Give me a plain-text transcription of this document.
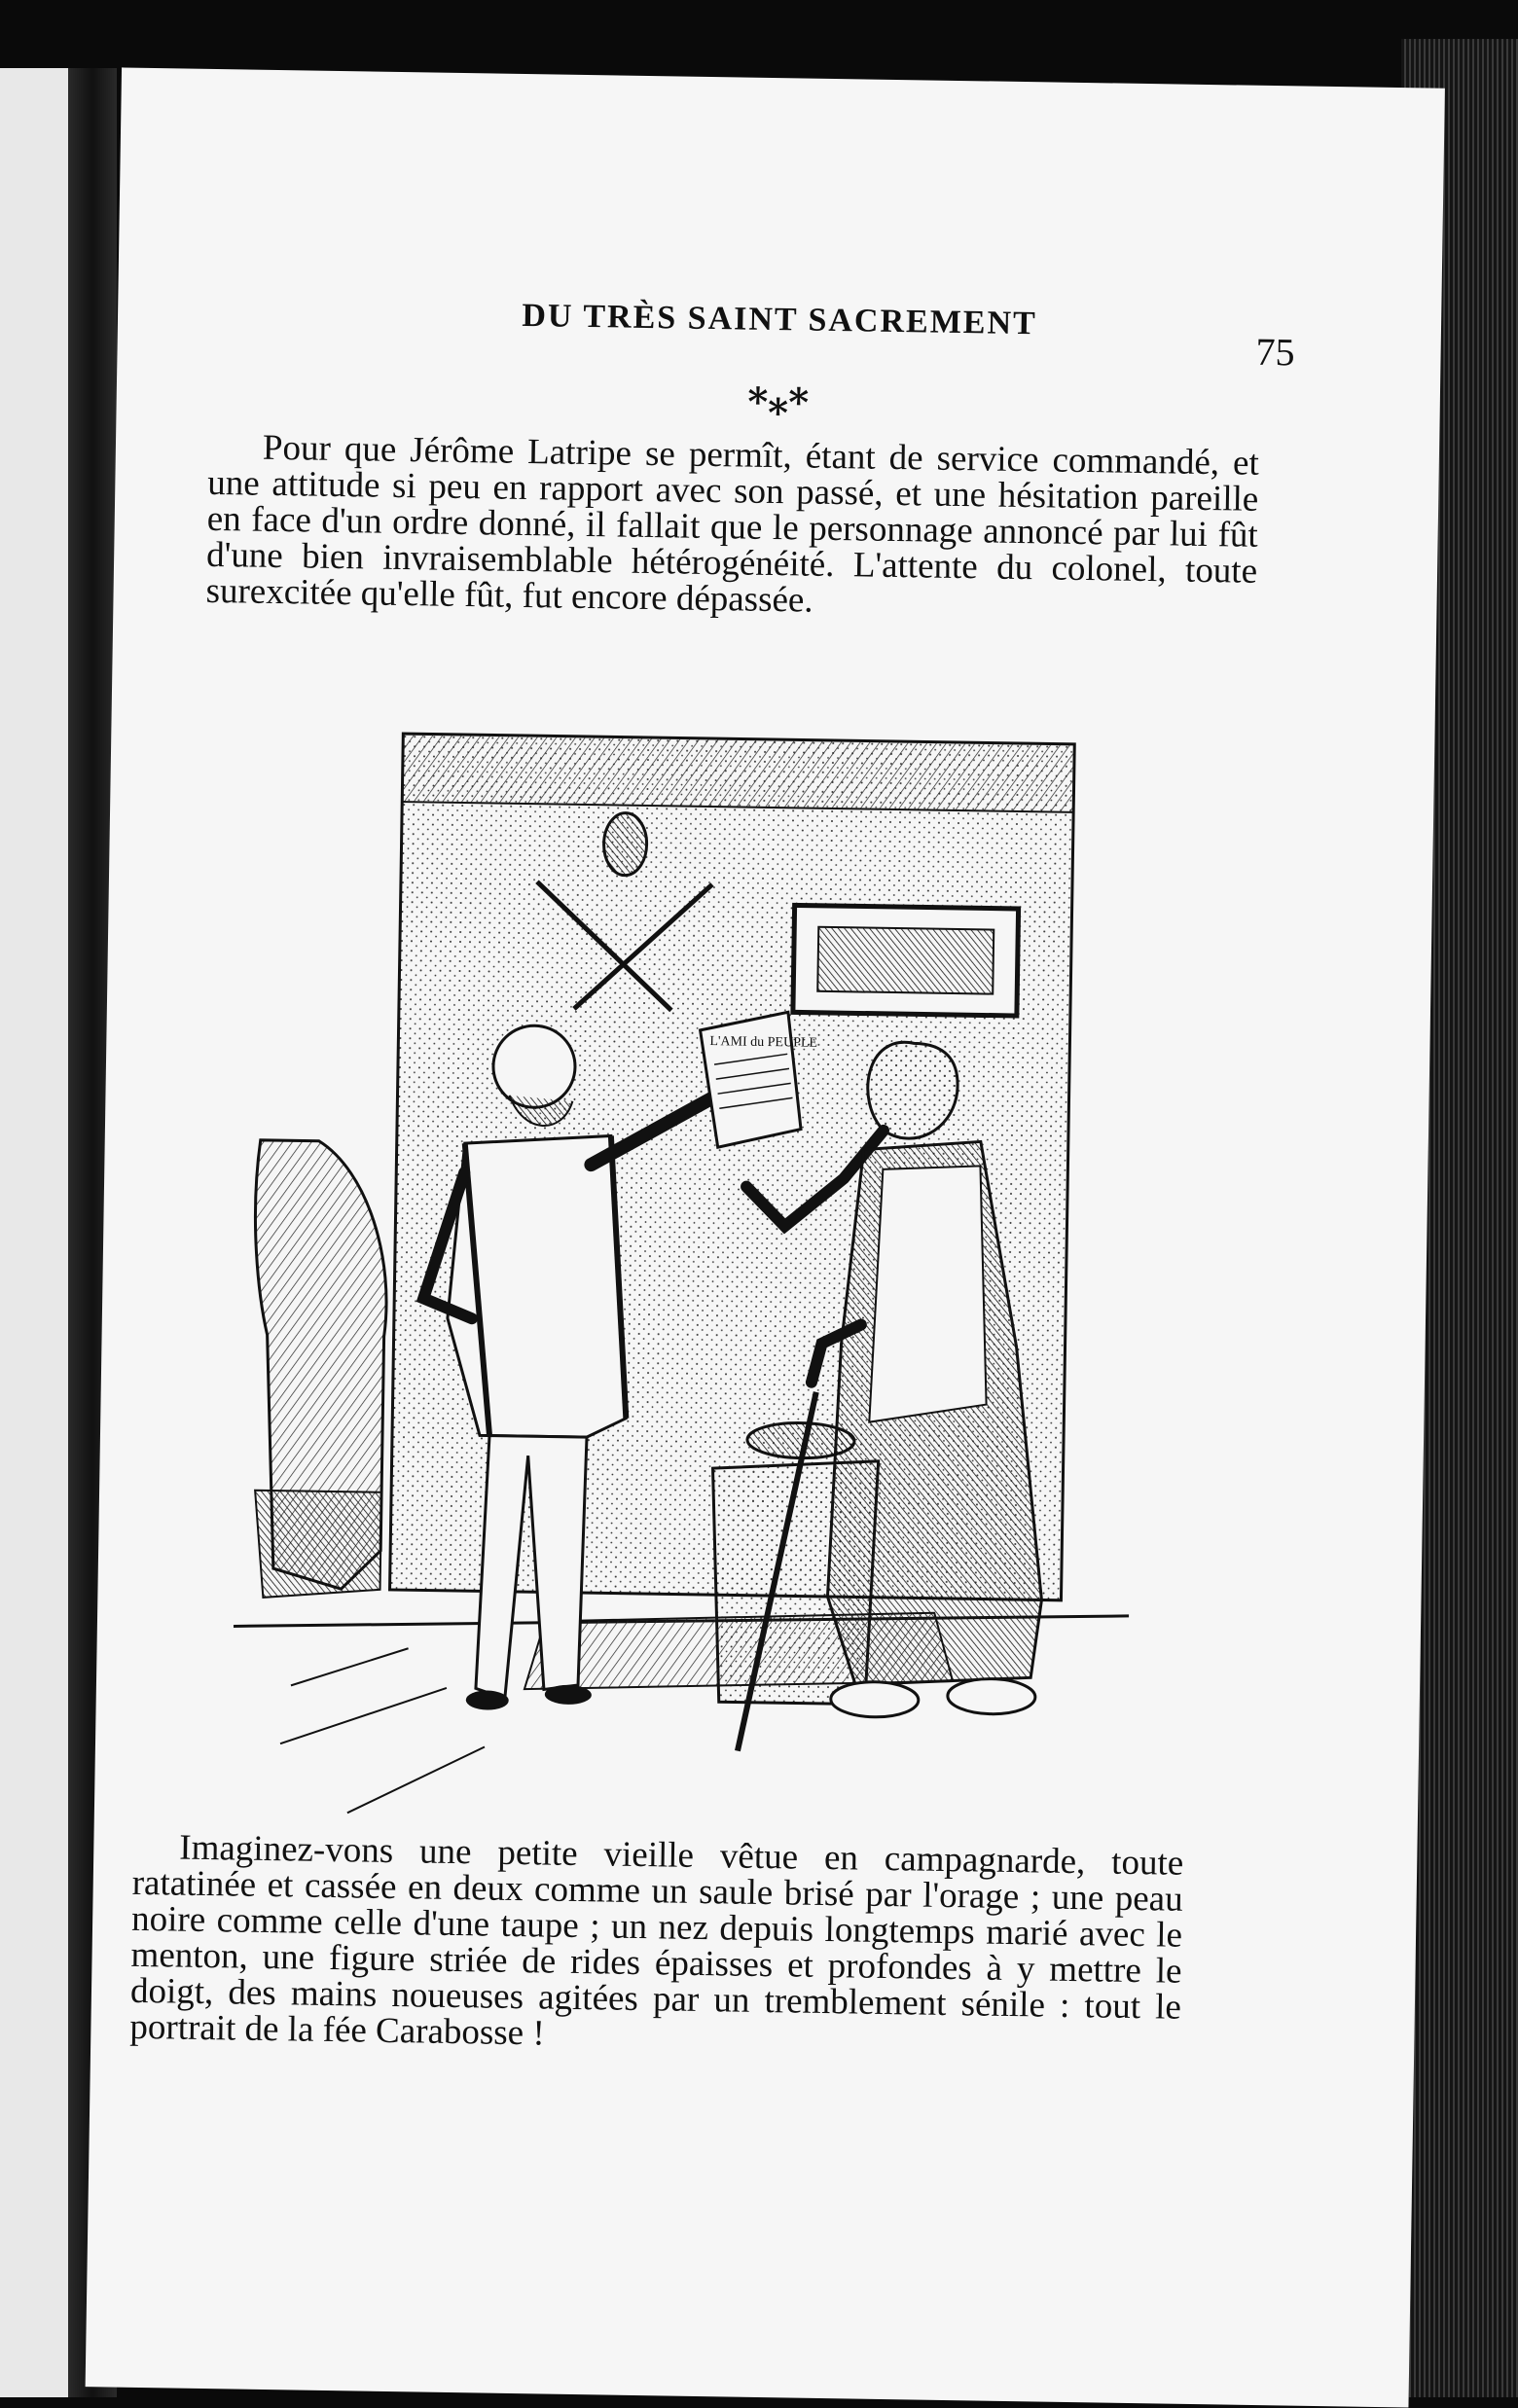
DU TRÈS SAINT SACREMENT
75
*⁎*
Pour que Jérôme Latripe se permît, étant de service commandé, et une attitude si peu en rapport avec son passé, et une hésitation pareille en face d'un ordre donné, il fallait que le personnage annoncé par lui fût d'une bien invraisemblable hétérogénéité. L'attente du colonel, toute surexcitée qu'elle fût, fut encore dépassée.
L'AMI du PEUPLE
Imaginez-vons une petite vieille vêtue en campagnarde, toute ratatinée et cassée en deux comme un saule brisé par l'orage ; une peau noire comme celle d'une taupe ; un nez depuis longtemps marié avec le menton, une figure striée de rides épaisses et profondes à y mettre le doigt, des mains noueuses agitées par un tremblement sénile : tout le portrait de la fée Carabosse !
